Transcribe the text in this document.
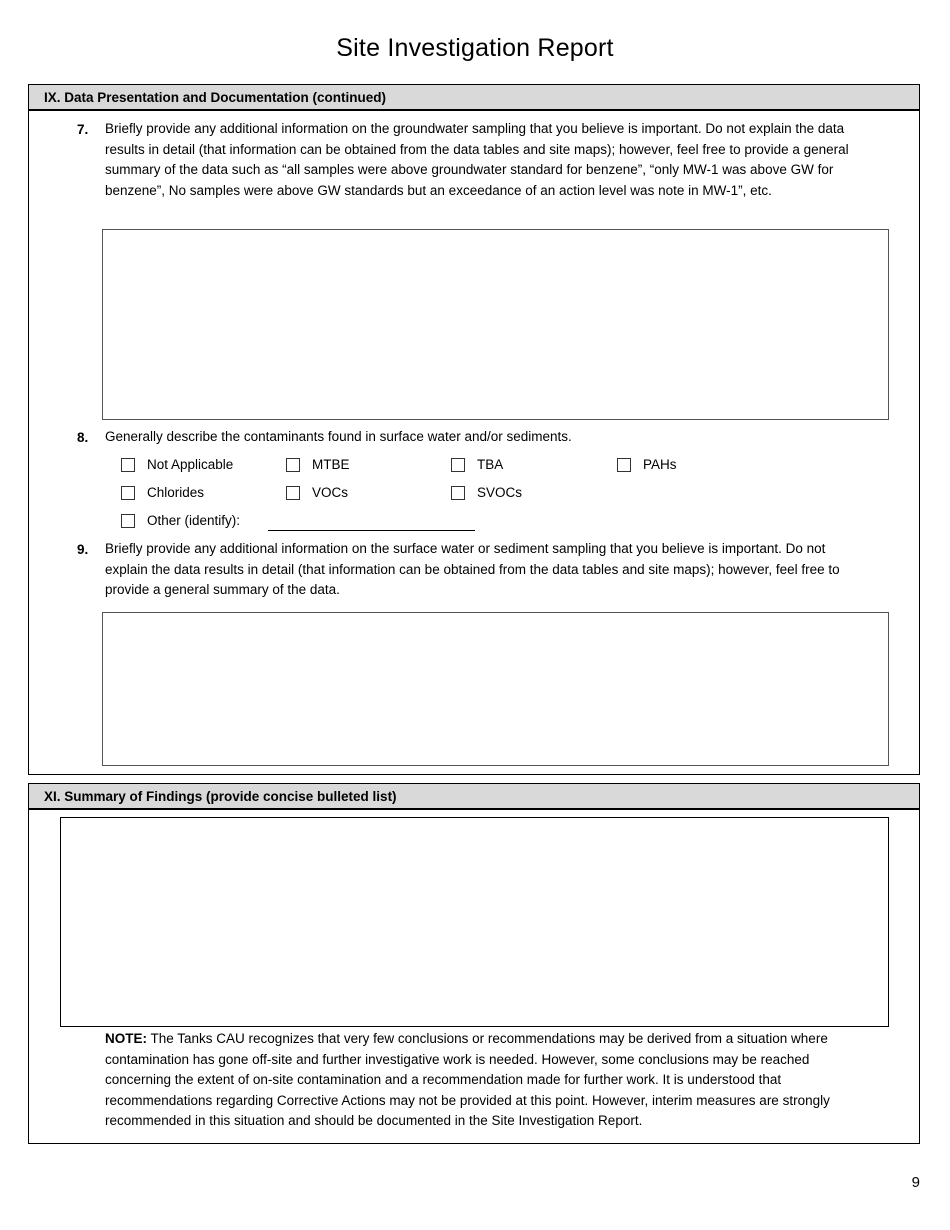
Site Investigation Report
IX. Data Presentation and Documentation (continued)
7. Briefly provide any additional information on the groundwater sampling that you believe is important. Do not explain the data results in detail (that information can be obtained from the data tables and site maps); however, feel free to provide a general summary of the data such as “all samples were above groundwater standard for benzene”, “only MW-1 was above GW for benzene”, No samples were above GW standards but an exceedance of an action level was note in MW-1”, etc.
8. Generally describe the contaminants found in surface water and/or sediments.
Not Applicable	MTBE	TBA	PAHs
Chlorides	VOCs	SVOCs
Other (identify):
9. Briefly provide any additional information on the surface water or sediment sampling that you believe is important. Do not explain the data results in detail (that information can be obtained from the data tables and site maps); however, feel free to provide a general summary of the data.
XI. Summary of Findings (provide concise bulleted list)
NOTE: The Tanks CAU recognizes that very few conclusions or recommendations may be derived from a situation where contamination has gone off-site and further investigative work is needed. However, some conclusions may be reached concerning the extent of on-site contamination and a recommendation made for further work. It is understood that recommendations regarding Corrective Actions may not be provided at this point. However, interim measures are strongly recommended in this situation and should be documented in the Site Investigation Report.
9
